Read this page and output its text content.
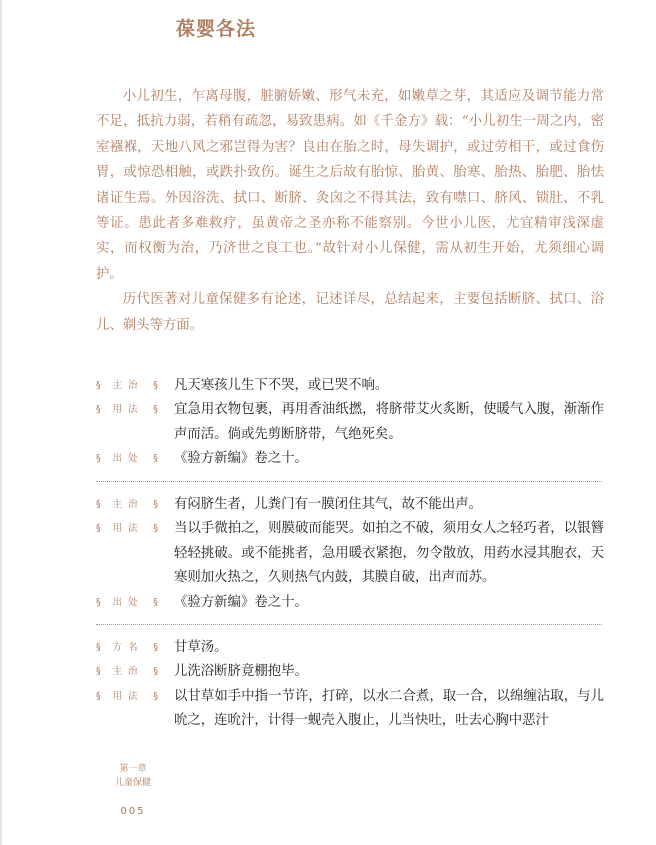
葆婴各法

小儿初生，乍离母腹，脏腑娇嫩、形气未充，如嫩草之芽，其适应及调节能力常不足，抵抗力弱，若稍有疏忽，易致患病。如《千金方》载：“小儿初生一周之内，密室襁褓，天地八风之邪岂得为害？良由在胎之时，母失调护，或过劳相干，或过食伤胃，或惊恐相触，或跌扑致伤。诞生之后故有胎惊、胎黄、胎寒、胎热、胎肥、胎怯诸证生焉。外因浴洗、拭口、断脐、灸囟之不得其法，致有噤口、脐风、锁肚、不乳等证。患此者多难救疗，虽黄帝之圣亦称不能察别。今世小儿医，尤宜精审浅深虚实，而权衡为治，乃济世之良工也。”故针对小儿保健，需从初生开始，尤须细心调护。

历代医著对儿童保健多有论述，记述详尽，总结起来，主要包括断脐、拭口、浴儿、剃头等方面。

§ 主治 §	凡天寒孩儿生下不哭，或已哭不响。
§ 用法 §	宜急用衣物包裹，再用香油纸撚，将脐带艾火炙断，使暖气入腹，渐渐作声而活。倘或先剪断脐带，气绝死矣。
§ 出处 §	《验方新编》卷之十。
§ 主治 §	有闷脐生者，儿粪门有一膜闭住其气，故不能出声。
§ 用法 §	当以手微拍之，则膜破而能哭。如拍之不破，须用女人之轻巧者，以银簪轻轻挑破。或不能挑者，急用暖衣紧抱，勿令散放，用药水浸其胞衣，天寒则加火热之，久则热气内鼓，其膜自破，出声而苏。
§ 出处 §	《验方新编》卷之十。
§ 方名 §	甘草汤。
§ 主治 §	儿洗浴断脐竟棚抱毕。
§ 用法 §	以甘草如手中指一节许，打碎，以水二合煮，取一合，以绵缠沾取，与儿吮之，连吮汁，计得一蚬壳入腹止，儿当快吐，吐去心胸中恶汁
第一章
儿童保健
005
